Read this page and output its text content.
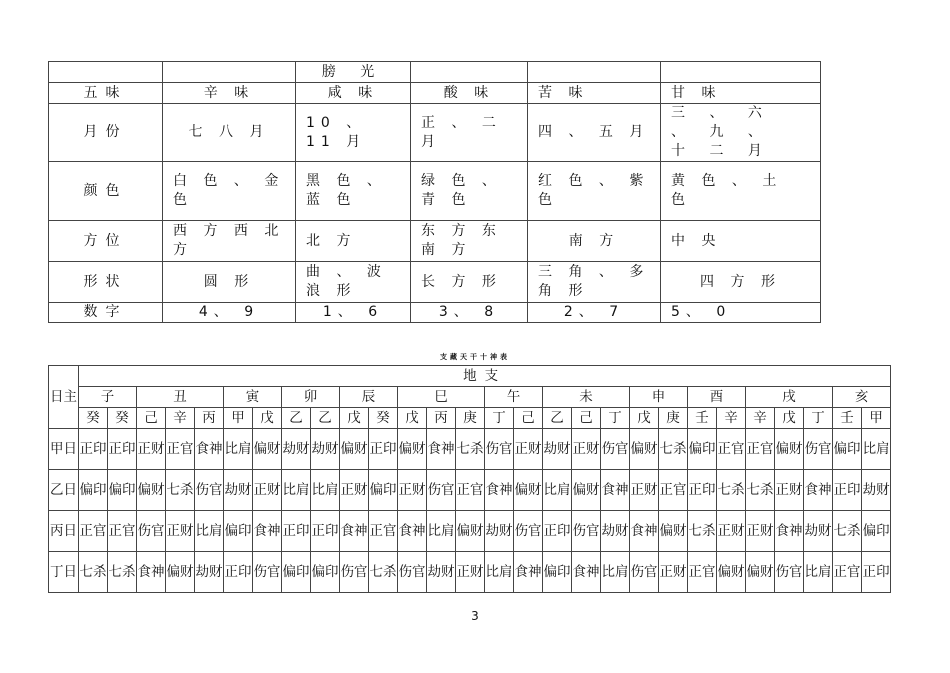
		膀 光			
五味	辛 味	咸 味	酸 味	苦 味	甘 味
月份	七 八 月	10 、 11 月	正 、 二 月	四 、 五 月	三 、 六 、 九 、 十 二 月
颜色	白 色 、 金 色	黑 色 、 蓝 色	绿 色 、 青 色	红 色 、 紫 色	黄 色 、 土 色
方位	西 方 西 北 方	北 方	东 方 东 南 方	南 方	中 央
形状	圆 形	曲 、 波 浪 形	长 方 形	三 角 、 多 角 形	四 方 形
数字	4、 9	1、 6	3、 8	2、 7	5、 0
支藏天干十神表
日主	地支																											
	子		丑			寅		卯		辰		巳			午		未			申		酉		戌			亥	
	癸	癸	己	辛	丙	甲	戊	乙	乙	戊	癸	戊	丙	庚	丁	己	乙	己	丁	戊	庚	壬	辛	辛	戊	丁	壬	甲
甲日	正印	正印	正财	正官	食神	比肩	偏财	劫财	劫财	偏财	正印	偏财	食神	七杀	伤官	正财	劫财	正财	伤官	偏财	七杀	偏印	正官	正官	偏财	伤官	偏印	比肩
乙日	偏印	偏印	偏财	七杀	伤官	劫财	正财	比肩	比肩	正财	偏印	正财	伤官	正官	食神	偏财	比肩	偏财	食神	正财	正官	正印	七杀	七杀	正财	食神	正印	劫财
丙日	正官	正官	伤官	正财	比肩	偏印	食神	正印	正印	食神	正官	食神	比肩	偏财	劫财	伤官	正印	伤官	劫财	食神	偏财	七杀	正财	正财	食神	劫财	七杀	偏印
丁日	七杀	七杀	食神	偏财	劫财	正印	伤官	偏印	偏印	伤官	七杀	伤官	劫财	正财	比肩	食神	偏印	食神	比肩	伤官	正财	正官	偏财	偏财	伤官	比肩	正官	正印
3
